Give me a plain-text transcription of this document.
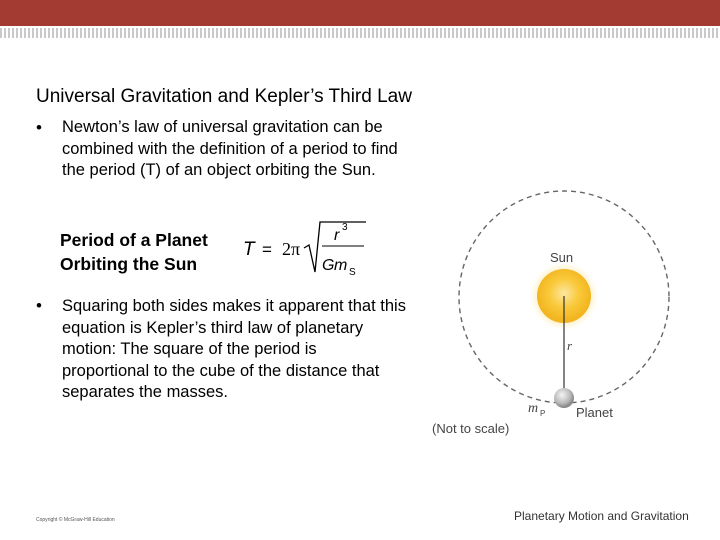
Universal Gravitation and Kepler’s Third Law
• Newton’s law of universal gravitation can be combined with the definition of a period to find the period (T) of an object orbiting the Sun.
Period of a Planet
Orbiting the Sun
T = 2π
r 3
G m S
• Squaring both sides makes it apparent that this equation is Kepler’s third law of planetary motion: The square of the period is proportional to the cube of the distance that separates the masses.
Sun
r
m P Planet
(Not to scale)
Copyright © McGraw-Hill Education	Planetary Motion and Gravitation
